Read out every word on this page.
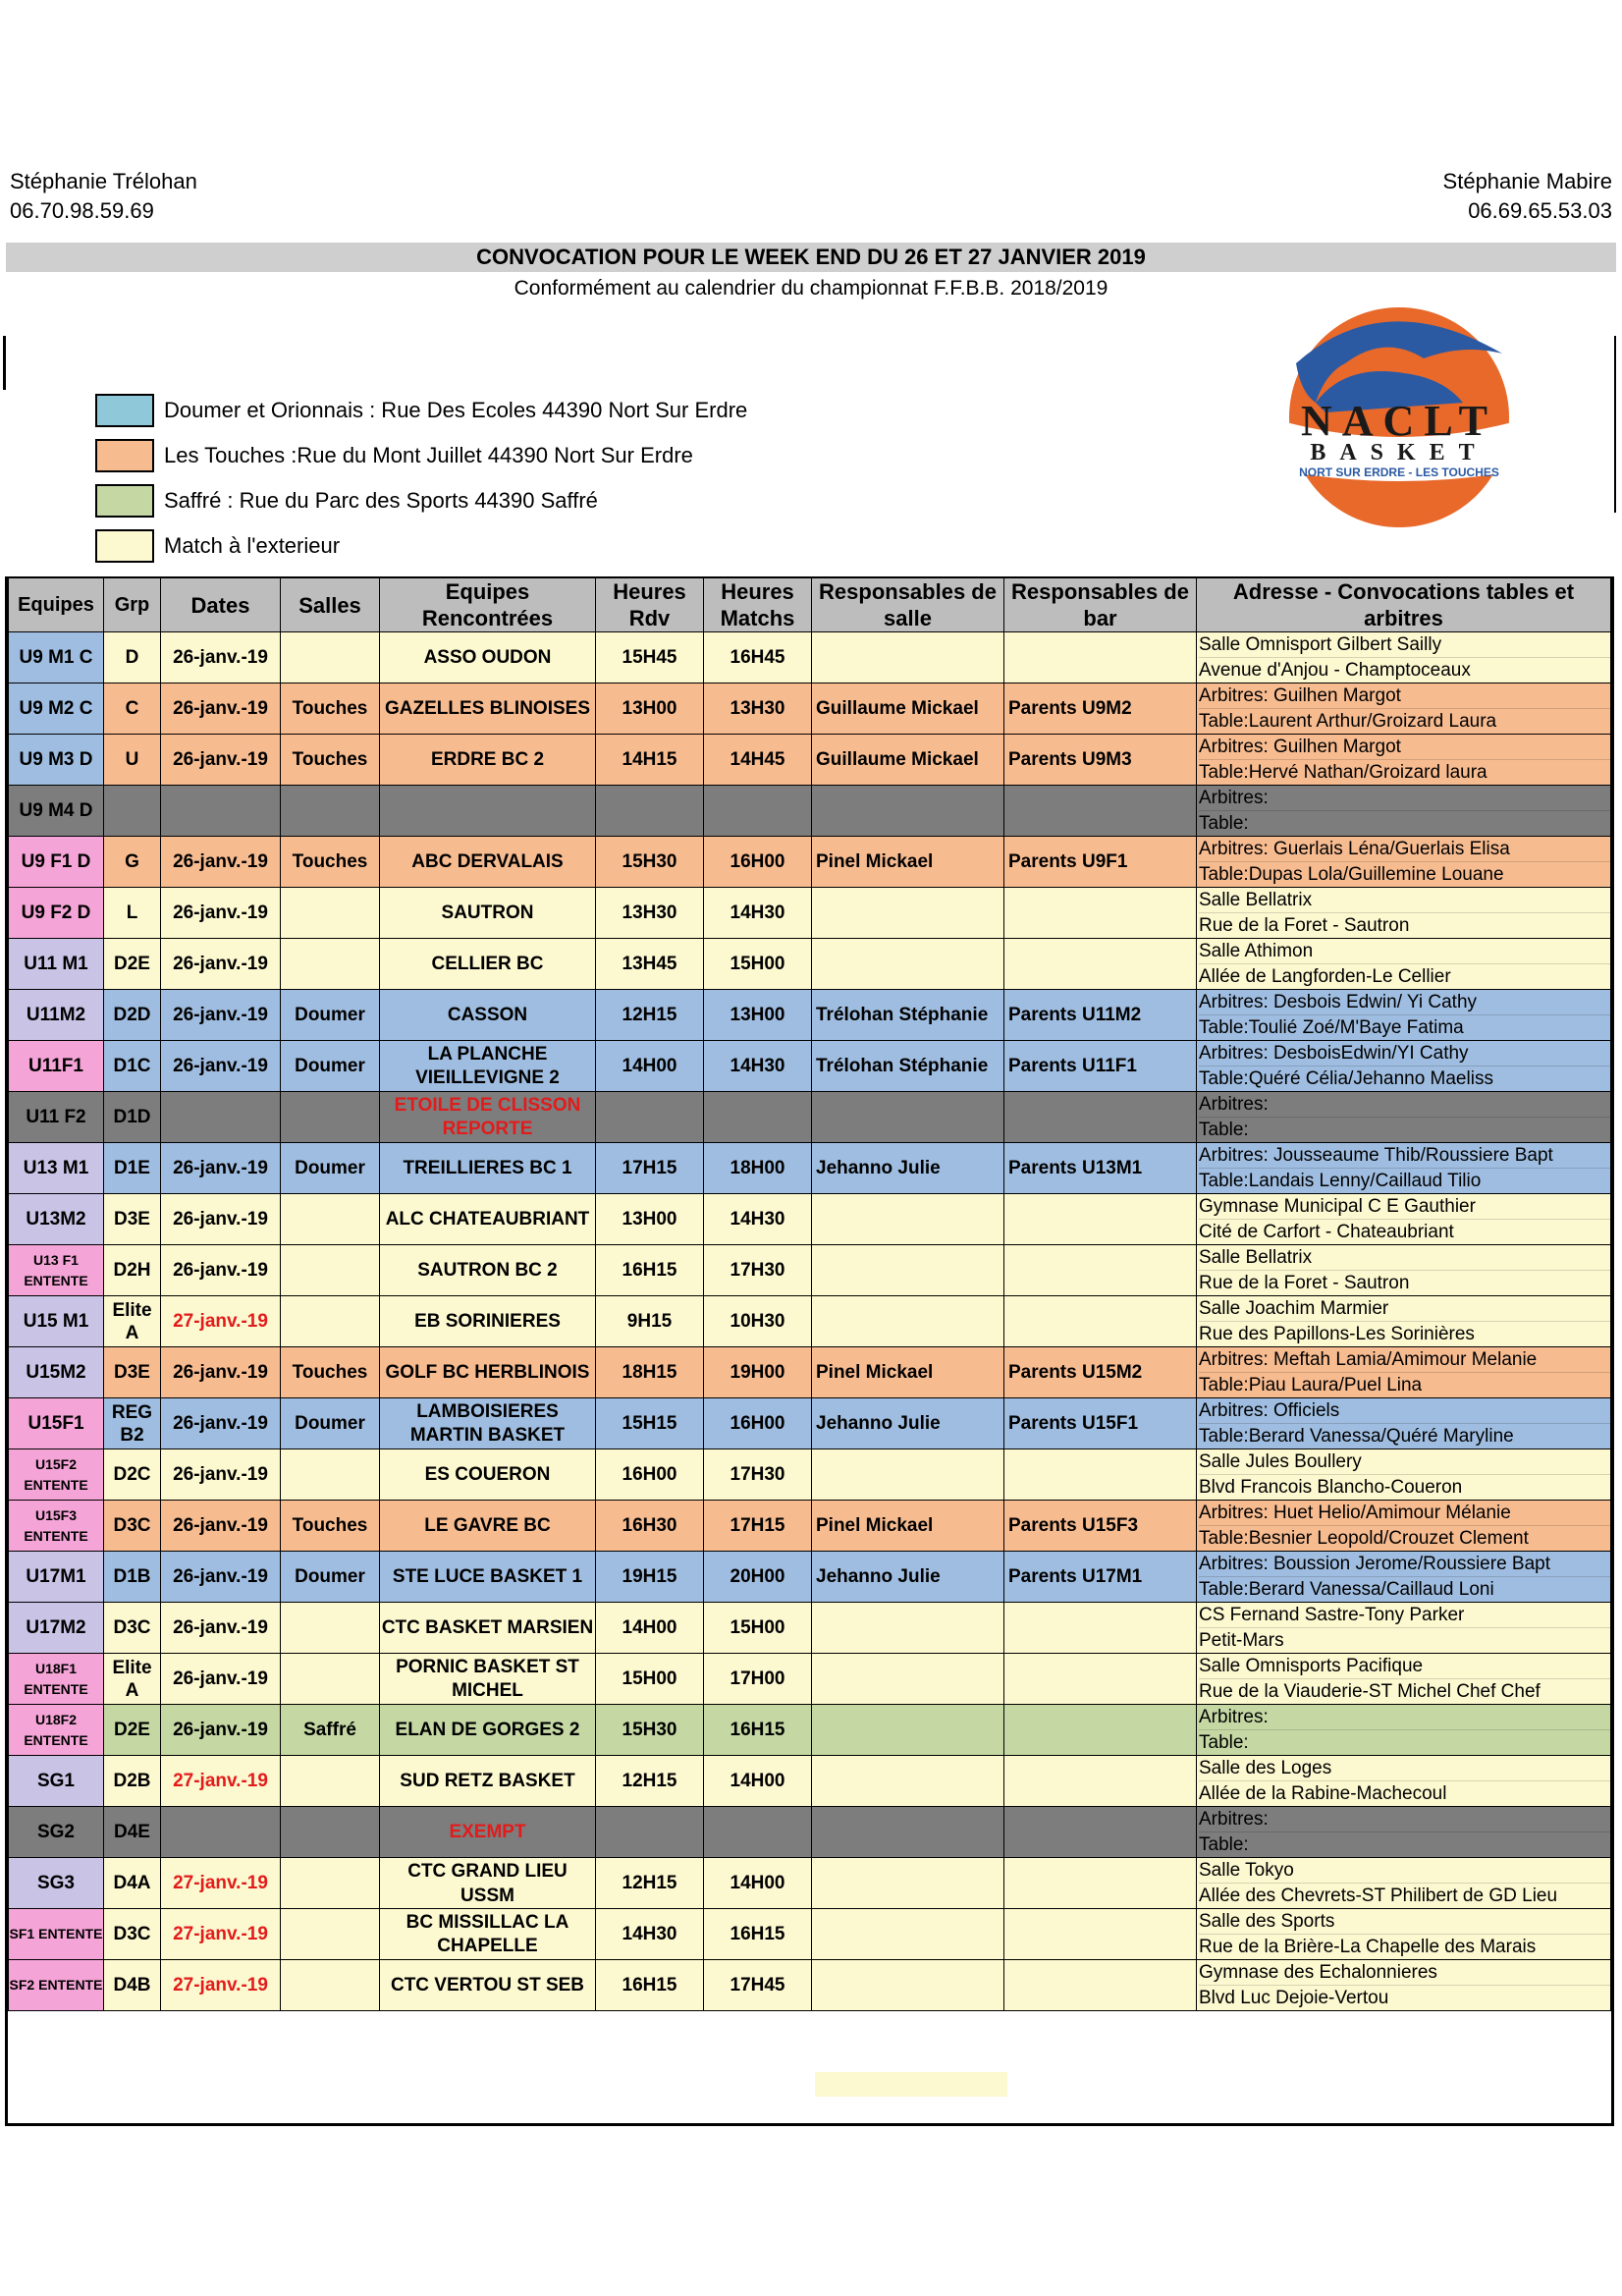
Stéphanie Trélohan
06.70.98.59.69
Stéphanie Mabire
06.69.65.53.03
CONVOCATION POUR LE WEEK END DU 26 ET 27 JANVIER 2019
Conformément au calendrier du championnat F.F.B.B. 2018/2019
Doumer et Orionnais : Rue Des Ecoles 44390 Nort Sur Erdre
Les Touches :Rue du Mont Juillet 44390 Nort Sur Erdre
Saffré : Rue du Parc des Sports 44390 Saffré
Match à l'exterieur
NACLT
BASKET
NORT SUR ERDRE - LES TOUCHES
Equipes	Grp	Dates	Salles	Equipes Rencontrées	Heures Rdv	Heures Matchs	Responsables de salle	Responsables de bar	Adresse - Convocations tables et arbitres
U9 M1 C	D	26-janv.-19		ASSO OUDON	15H45	16H45			Salle Omnisport Gilbert Sailly
Avenue d'Anjou - Champtoceaux

U9 M2 C	C	26-janv.-19	Touches	GAZELLES BLINOISES	13H00	13H30	Guillaume Mickael	Parents U9M2	Arbitres: Guilhen Margot
Table:Laurent Arthur/Groizard Laura

U9 M3 D	U	26-janv.-19	Touches	ERDRE BC 2	14H15	14H45	Guillaume Mickael	Parents U9M3	Arbitres: Guilhen Margot
Table:Hervé Nathan/Groizard laura

U9 M4 D									Arbitres:
Table:

U9 F1 D	G	26-janv.-19	Touches	ABC DERVALAIS	15H30	16H00	Pinel Mickael	Parents U9F1	Arbitres: Guerlais Léna/Guerlais Elisa
Table:Dupas Lola/Guillemine Louane

U9 F2 D	L	26-janv.-19		SAUTRON	13H30	14H30			Salle Bellatrix
Rue de la Foret - Sautron

U11 M1	D2E	26-janv.-19		CELLIER BC	13H45	15H00			Salle Athimon
Allée de Langforden-Le Cellier

U11M2	D2D	26-janv.-19	Doumer	CASSON	12H15	13H00	Trélohan Stéphanie	Parents U11M2	Arbitres: Desbois Edwin/ Yi Cathy
Table:Toulié Zoé/M'Baye Fatima

U11F1	D1C	26-janv.-19	Doumer	LA PLANCHE VIEILLEVIGNE 2	14H00	14H30	Trélohan Stéphanie	Parents U11F1	Arbitres: DesboisEdwin/YI Cathy
Table:Quéré Célia/Jehanno Maeliss

U11 F2	D1D			ETOILE DE CLISSON REPORTE					Arbitres:
Table:

U13 M1	D1E	26-janv.-19	Doumer	TREILLIERES BC 1	17H15	18H00	Jehanno Julie	Parents U13M1	Arbitres: Jousseaume Thib/Roussiere Bapt
Table:Landais Lenny/Caillaud Tilio

U13M2	D3E	26-janv.-19		ALC CHATEAUBRIANT	13H00	14H30			Gymnase Municipal C E Gauthier
Cité de Carfort - Chateaubriant

U13 F1 ENTENTE	D2H	26-janv.-19		SAUTRON BC 2	16H15	17H30			Salle Bellatrix
Rue de la Foret - Sautron

U15 M1	Elite A	27-janv.-19		EB SORINIERES	9H15	10H30			Salle Joachim Marmier
Rue des Papillons-Les Sorinières

U15M2	D3E	26-janv.-19	Touches	GOLF BC HERBLINOIS	18H15	19H00	Pinel Mickael	Parents U15M2	Arbitres: Meftah Lamia/Amimour Melanie
Table:Piau Laura/Puel Lina

U15F1	REG B2	26-janv.-19	Doumer	LAMBOISIERES MARTIN BASKET	15H15	16H00	Jehanno Julie	Parents U15F1	Arbitres: Officiels
Table:Berard Vanessa/Quéré Maryline

U15F2 ENTENTE	D2C	26-janv.-19		ES COUERON	16H00	17H30			Salle Jules Boullery
Blvd Francois Blancho-Coueron

U15F3 ENTENTE	D3C	26-janv.-19	Touches	LE GAVRE BC	16H30	17H15	Pinel Mickael	Parents U15F3	Arbitres: Huet Helio/Amimour Mélanie
Table:Besnier Leopold/Crouzet Clement

U17M1	D1B	26-janv.-19	Doumer	STE LUCE BASKET 1	19H15	20H00	Jehanno Julie	Parents U17M1	Arbitres: Boussion Jerome/Roussiere Bapt
Table:Berard Vanessa/Caillaud Loni

U17M2	D3C	26-janv.-19		CTC BASKET MARSIEN	14H00	15H00			CS Fernand Sastre-Tony Parker
Petit-Mars

U18F1 ENTENTE	Elite A	26-janv.-19		PORNIC BASKET ST MICHEL	15H00	17H00			Salle Omnisports Pacifique
Rue de la Viauderie-ST Michel Chef Chef

U18F2 ENTENTE	D2E	26-janv.-19	Saffré	ELAN DE GORGES 2	15H30	16H15			Arbitres:
Table:

SG1	D2B	27-janv.-19		SUD RETZ BASKET	12H15	14H00			Salle des Loges
Allée de la Rabine-Machecoul

SG2	D4E			EXEMPT					Arbitres:
Table:

SG3	D4A	27-janv.-19		CTC GRAND LIEU USSM	12H15	14H00			Salle Tokyo
Allée des Chevrets-ST Philibert de GD Lieu

SF1 ENTENTE	D3C	27-janv.-19		BC MISSILLAC LA CHAPELLE	14H30	16H15			Salle des Sports
Rue de la Brière-La Chapelle des Marais

SF2 ENTENTE	D4B	27-janv.-19		CTC VERTOU ST SEB	16H15	17H45			Gymnase des Echalonnieres
Blvd Luc Dejoie-Vertou
